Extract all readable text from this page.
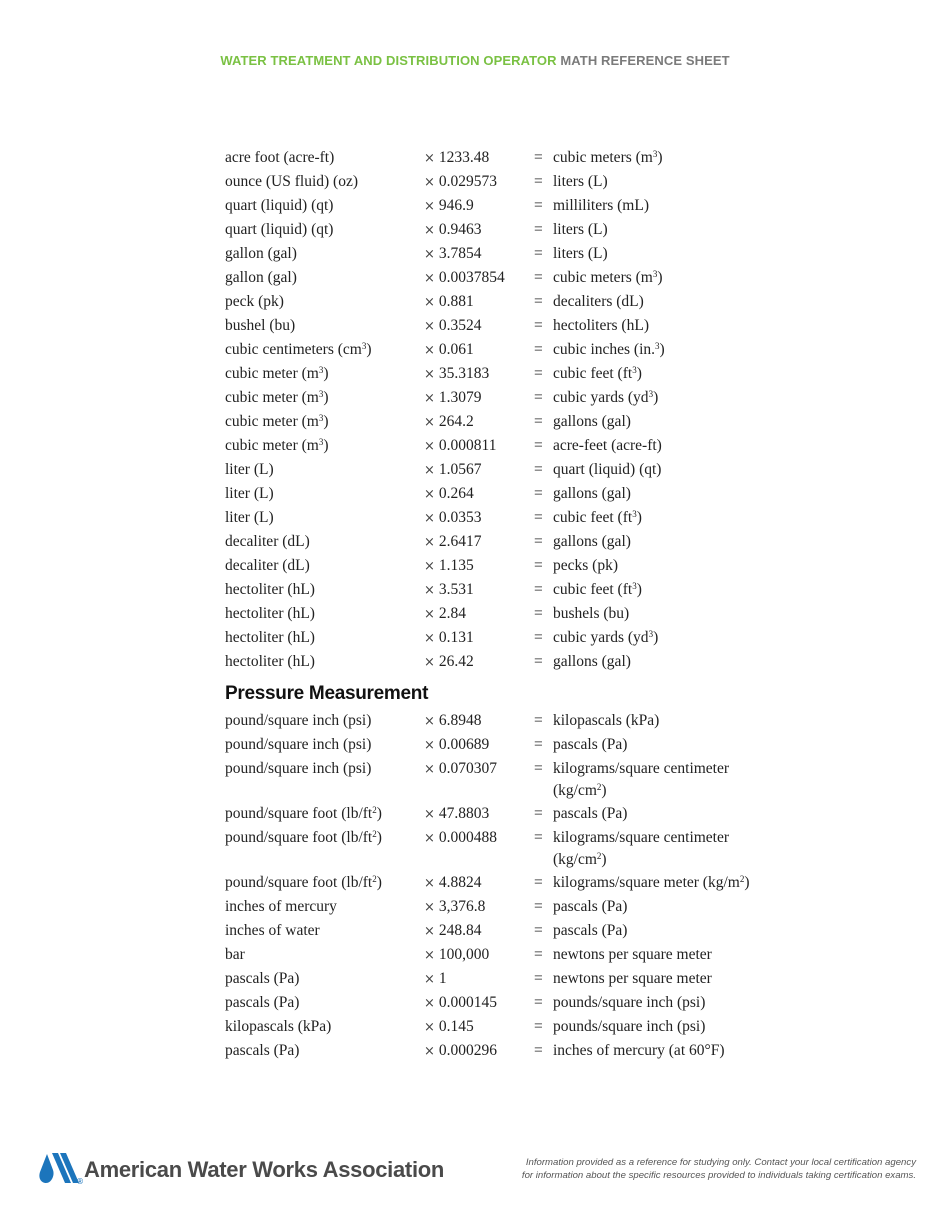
WATER TREATMENT AND DISTRIBUTION OPERATOR MATH REFERENCE SHEET
acre foot (acre-ft)	× 1233.48	= cubic meters $(m^3)$
ounce (US fluid) (oz)	× 0.029573 = liters (L)
quart (liquid) (qt)	× 946.9	= milliliters (mL)
quart (liquid) (qt)	× 0.9463	= liters (L)
gallon (gal)	× 3.7854	= liters (L)
gallon (gal)	× 0.0037854 = cubic meters $(m^3)$
peck (pk)	× 0.881	= decaliters (dL)
bushel (bu)	× 0.3524	= hectoliters (hL)
cubic centimeters $(cm^3)$	× 0.061	= cubic inches (in.$^3$)
cubic meter $(m^3)$	× 35.3183	= cubic feet $(ft^3)$
cubic meter $(m^3)$	× 1.3079	= cubic yards $(yd^3)$
cubic meter $(m^3)$	× 264.2	= gallons (gal)
cubic meter $(m^3)$	× 0.000811 = acre-feet (acre-ft)
liter (L)	× 1.0567	= quart (liquid) (qt)
liter (L)	× 0.264	= gallons (gal)
liter (L)	× 0.0353	= cubic feet $(ft^3)$
decaliter (dL)	× 2.6417	= gallons (gal)
decaliter (dL)	× 1.135	= pecks (pk)
hectoliter (hL)	× 3.531	= cubic feet $(ft^3)$
hectoliter (hL)	× 2.84	= bushels (bu)
hectoliter (hL)	× 0.131	= cubic yards $(yd^3)$
hectoliter (hL)	× 26.42	= gallons (gal)
Pressure Measurement
pound/square inch (psi)	× 6.8948	= kilopascals (kPa)
pound/square inch (psi)	× 0.00689	= pascals (Pa)
pound/square inch (psi)	× 0.070307 = kilograms/square centimeter $(kg/cm^2)$
pound/square foot $(lb/ft^2)$	× 47.8803	= pascals (Pa)
pound/square foot $(lb/ft^2)$	× 0.000488 = kilograms/square centimeter $(kg/cm^2)$
pound/square foot $(lb/ft^2)$	× 4.8824	= kilograms/square meter $(kg/m^2)$
inches of mercury	× 3,376.8	= pascals (Pa)
inches of water	× 248.84	= pascals (Pa)
bar	× 100,000	= newtons per square meter
pascals (Pa)	× 1	= newtons per square meter
pascals (Pa)	× 0.000145 = pounds/square inch (psi)
kilopascals (kPa)	× 0.145	= pounds/square inch (psi)
pascals (Pa)	× 0.000296 = inches of mercury (at 60°F)
® American Water Works Association	Information provided as a reference for studying only. Contact your local certification agency
for information about the specific resources provided to individuals taking certification exams.
